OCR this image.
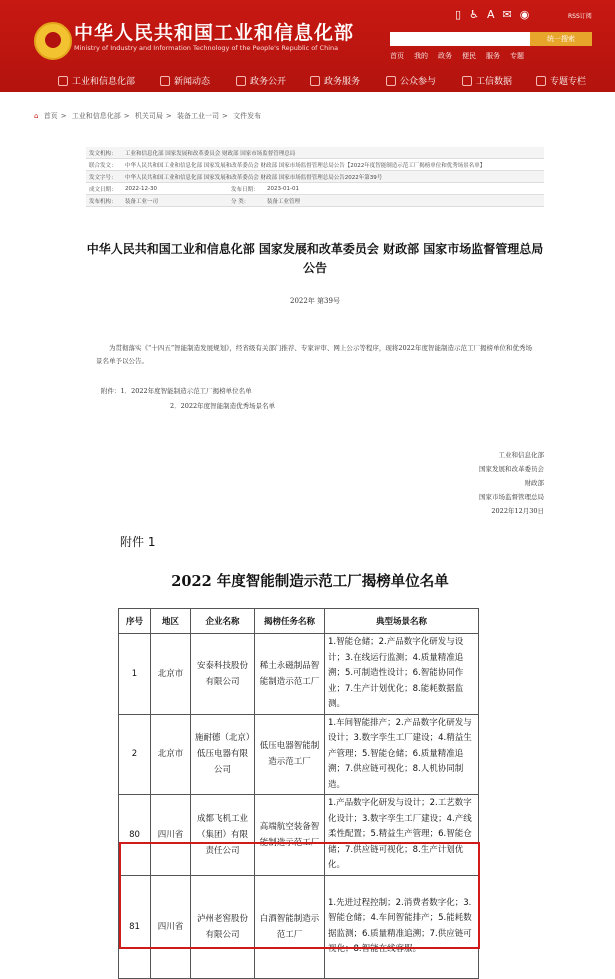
中华人民共和国工业和信息化部
Ministry of Industry and Information Technology of the People's Republic of China
▯ ♿ A ✉ ◉	RSS订阅
统一搜索
首页 我的 政务 便民 服务 专题
工业和信息化部	新闻动态	政务公开	政务服务	公众参与	工信数据	专题专栏
⌂ 首页 > 工业和信息化部 > 机关司局 > 装备工业一司 > 文件发布
发文机构：	工业和信息化部 国家发展和改革委员会 财政部 国家市场监督管理总局		
联合发文：	中华人民共和国工业和信息化部 国家发展和改革委员会 财政部 国家市场监督管理总局公告【2022年度智能制造示范工厂揭榜单位和优秀场景名单】		
发文字号：	中华人民共和国工业和信息化部 国家发展和改革委员会 财政部 国家市场监督管理总局公告2022年第39号		
成文日期：	2022-12-30	发布日期：	2023-01-01
发布机构：	装备工业一司	分 类：	装备工业管理
中华人民共和国工业和信息化部 国家发展和改革委员会 财政部 国家市场监督管理总局公告
2022年 第39号
为贯彻落实《“十四五”智能制造发展规划》，经省级有关部门推荐、专家评审、网上公示等程序，现将2022年度智能制造示范工厂揭榜单位和优秀场景名单予以公告。
附件：1．2022年度智能制造示范工厂揭榜单位名单
2．2022年度智能制造优秀场景名单
工业和信息化部
国家发展和改革委员会
财政部
国家市场监督管理总局
2022年12月30日
附件 1
2022 年度智能制造示范工厂揭榜单位名单
序号	地区	企业名称	揭榜任务名称	典型场景名称
1	北京市	安泰科技股份有限公司	稀土永磁制品智能制造示范工厂	1.智能仓储；2.产品数字化研发与设计；3.在线运行监测；4.质量精准追溯；5.可制造性设计；6.智能协同作业；7.生产计划优化；8.能耗数据监测。
2	北京市	施耐德（北京）低压电器有限公司	低压电器智能制造示范工厂	1.车间智能排产；2.产品数字化研发与设计；3.数字孪生工厂建设；4.精益生产管理；5.智能仓储；6.质量精准追溯；7.供应链可视化；8.人机协同制造。
80	四川省	成都飞机工业（集团）有限责任公司	高端航空装备智能制造示范工厂	1.产品数字化研发与设计；2.工艺数字化设计；3.数字孪生工厂建设；4.产线柔性配置；5.精益生产管理；6.智能仓储；7.供应链可视化；8.生产计划优化。
81	四川省	泸州老窖股份有限公司	白酒智能制造示范工厂	1.先进过程控制；2.消费者数字化；3.智能仓储；4.车间智能排产；5.能耗数据监测；6.质量精准追溯；7.供应链可视化；8.智能在线客服。
